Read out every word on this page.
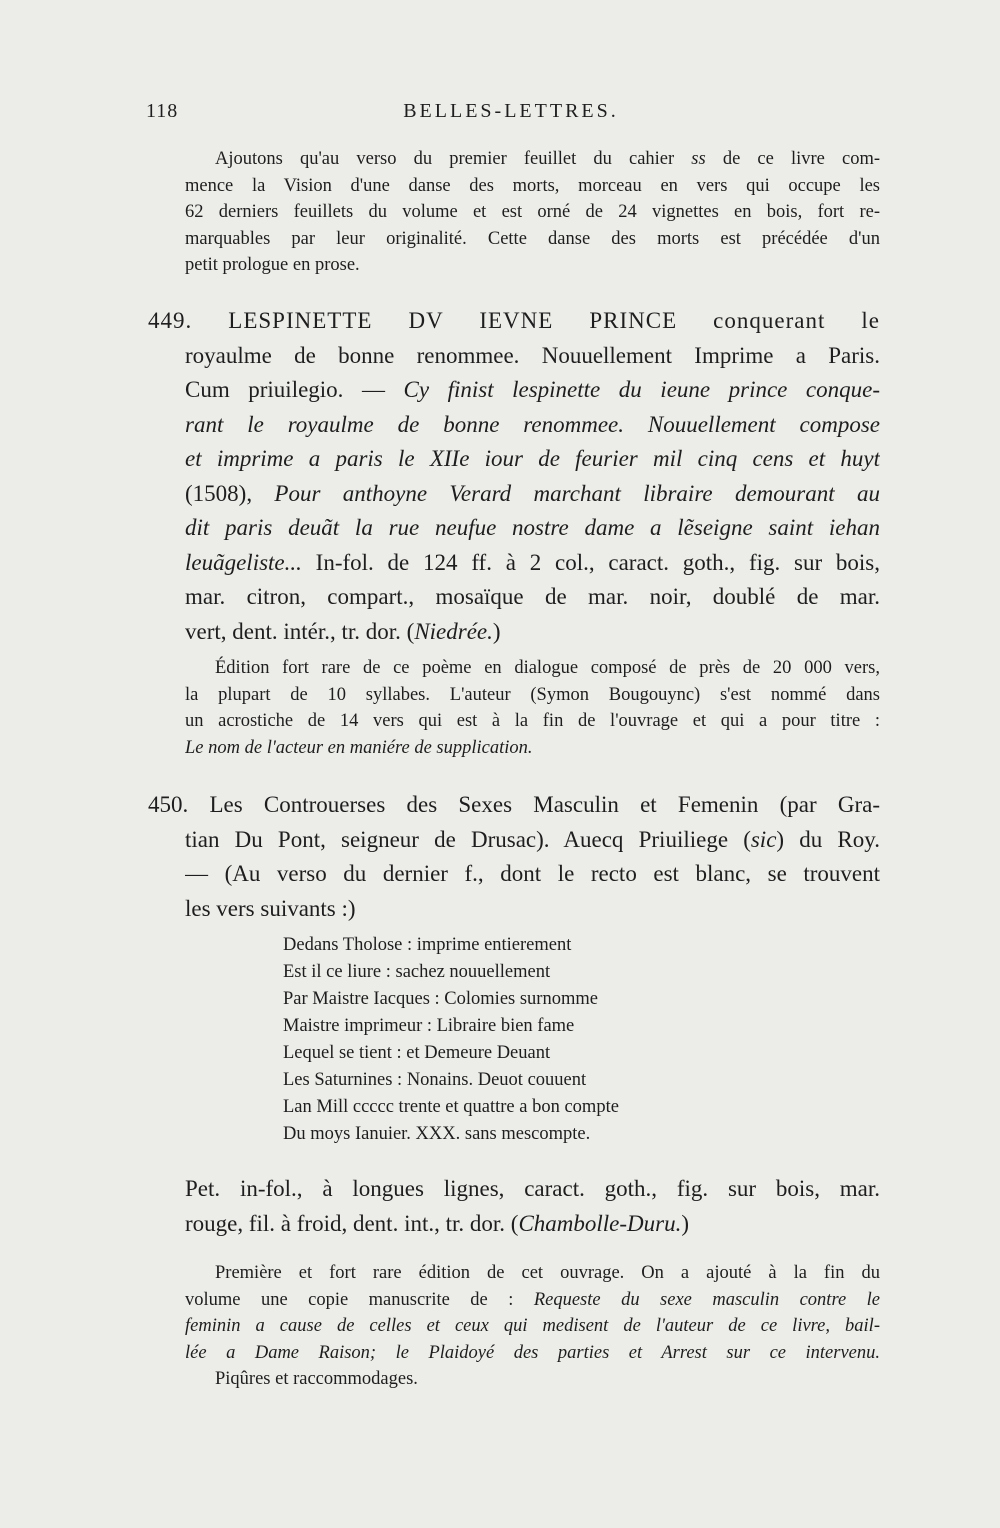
118	BELLES-LETTRES.
Ajoutons qu'au verso du premier feuillet du cahier ss de ce livre com-
mence la Vision d'une danse des morts, morceau en vers qui occupe les
62 derniers feuillets du volume et est orné de 24 vignettes en bois, fort re-
marquables par leur originalité. Cette danse des morts est précédée d'un
petit prologue en prose.
449. LESPINETTE DV IEVNE PRINCE conquerant le
royaulme de bonne renommee. Nouuellement Imprime a Paris.
Cum priuilegio. — Cy finist lespinette du ieune prince conque-
rant le royaulme de bonne renommee. Nouuellement compose
et imprime a paris le XIIe iour de feurier mil cinq cens et huyt
(1508), Pour anthoyne Verard marchant libraire demourant au
dit paris deuãt la rue neufue nostre dame a lẽseigne saint iehan
leuãgeliste... In-fol. de 124 ff. à 2 col., caract. goth., fig. sur bois,
mar. citron, compart., mosaïque de mar. noir, doublé de mar.
vert, dent. intér., tr. dor. (Niedrée.)
Édition fort rare de ce poème en dialogue composé de près de 20 000 vers,
la plupart de 10 syllabes. L'auteur (Symon Bougouync) s'est nommé dans
un acrostiche de 14 vers qui est à la fin de l'ouvrage et qui a pour titre :
Le nom de l'acteur en maniére de supplication.
450. Les Controuerses des Sexes Masculin et Femenin (par Gra-
tian Du Pont, seigneur de Drusac). Auecq Priuiliege (sic) du Roy.
— (Au verso du dernier f., dont le recto est blanc, se trouvent
les vers suivants :)
Dedans Tholose : imprime entierement
Est il ce liure : sachez nouuellement
Par Maistre Iacques : Colomies surnomme
Maistre imprimeur : Libraire bien fame
Lequel se tient : et Demeure Deuant
Les Saturnines : Nonains. Deuot couuent
Lan Mill ccccc trente et quattre a bon compte
Du moys Ianuier. XXX. sans mescompte.
Pet. in-fol., à longues lignes, caract. goth., fig. sur bois, mar.
rouge, fil. à froid, dent. int., tr. dor. (Chambolle-Duru.)
Première et fort rare édition de cet ouvrage. On a ajouté à la fin du
volume une copie manuscrite de : Requeste du sexe masculin contre le
feminin a cause de celles et ceux qui medisent de l'auteur de ce livre, bail-
lée a Dame Raison; le Plaidoyé des parties et Arrest sur ce intervenu.
Piqûres et raccommodages.
